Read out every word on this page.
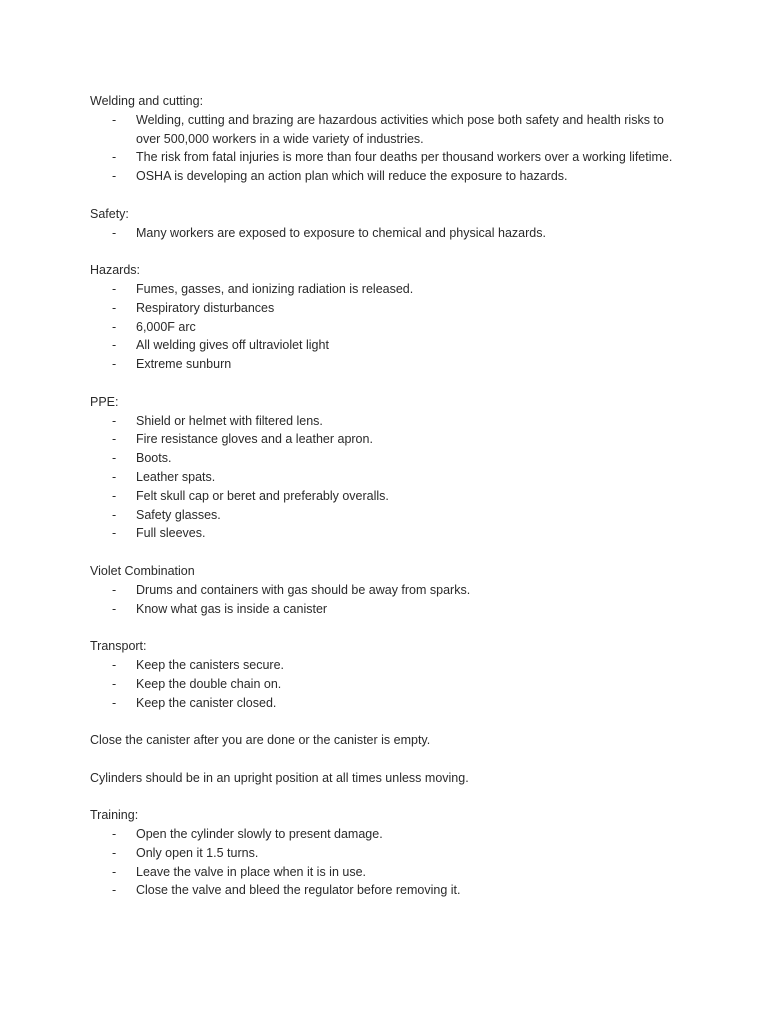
Welding and cutting:
- Welding, cutting and brazing are hazardous activities which pose both safety and health risks to over 500,000 workers in a wide variety of industries.
- The risk from fatal injuries is more than four deaths per thousand workers over a working lifetime.
- OSHA is developing an action plan which will reduce the exposure to hazards.
Safety:
- Many workers are exposed to exposure to chemical and physical hazards.
Hazards:
- Fumes, gasses, and ionizing radiation is released.
- Respiratory disturbances
- 6,000F arc
- All welding gives off ultraviolet light
- Extreme sunburn
PPE:
- Shield or helmet with filtered lens.
- Fire resistance gloves and a leather apron.
- Boots.
- Leather spats.
- Felt skull cap or beret and preferably overalls.
- Safety glasses.
- Full sleeves.
Violet Combination
- Drums and containers with gas should be away from sparks.
- Know what gas is inside a canister
Transport:
- Keep the canisters secure.
- Keep the double chain on.
- Keep the canister closed.
Close the canister after you are done or the canister is empty.
Cylinders should be in an upright position at all times unless moving.
Training:
- Open the cylinder slowly to present damage.
- Only open it 1.5 turns.
- Leave the valve in place when it is in use.
- Close the valve and bleed the regulator before removing it.
